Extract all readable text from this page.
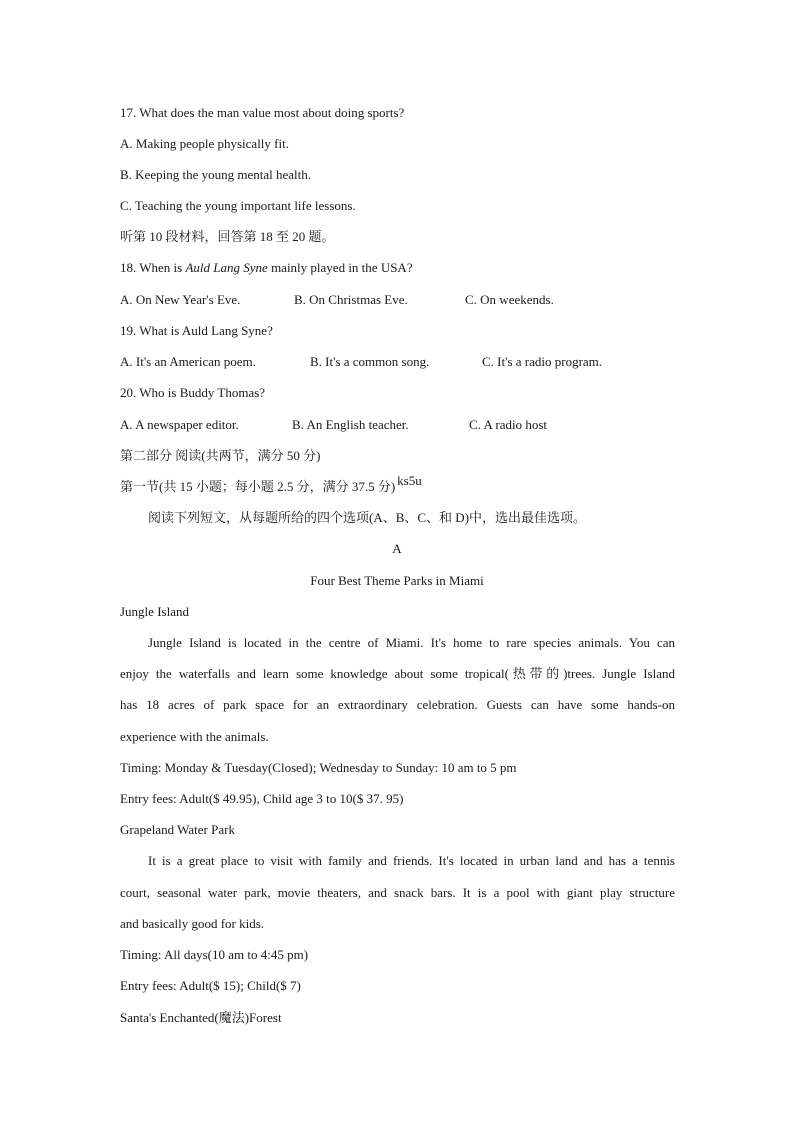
17. What does the man value most about doing sports?
A. Making people physically fit.
B. Keeping the young mental health.
C. Teaching the young important life lessons.
听第 10 段材料，回答第 18 至 20 题。
18. When is Auld Lang Syne mainly played in the USA?
A. On New Year's Eve.	B. On Christmas Eve.	C. On weekends.
19. What is Auld Lang Syne?
A. It's an American poem.	B. It's a common song.	C. It's a radio program.
20. Who is Buddy Thomas?
A. A newspaper editor.	B. An English teacher.	C. A radio host
第二部分 阅读(共两节，满分 50 分)
第一节(共 15 小题；每小题 2.5 分，满分 37.5 分) ks5u
阅读下列短文，从每题所给的四个选项(A、B、C、和 D)中，选出最佳选项。
A
Four Best Theme Parks in Miami
Jungle Island
Jungle Island is located in the centre of Miami. It's home to rare species animals. You can
enjoy the waterfalls and learn some knowledge about some tropical(热带的)trees. Jungle Island
has 18 acres of park space for an extraordinary celebration. Guests can have some hands-on
experience with the animals.
Timing: Monday & Tuesday(Closed); Wednesday to Sunday: 10 am to 5 pm
Entry fees: Adult($ 49.95), Child age 3 to 10($ 37. 95)
Grapeland Water Park
It is a great place to visit with family and friends. It's located in urban land and has a tennis
court, seasonal water park, movie theaters, and snack bars. It is a pool with giant play structure
and basically good for kids.
Timing: All days(10 am to 4:45 pm)
Entry fees: Adult($ 15); Child($ 7)
Santa's Enchanted(魔法)Forest
